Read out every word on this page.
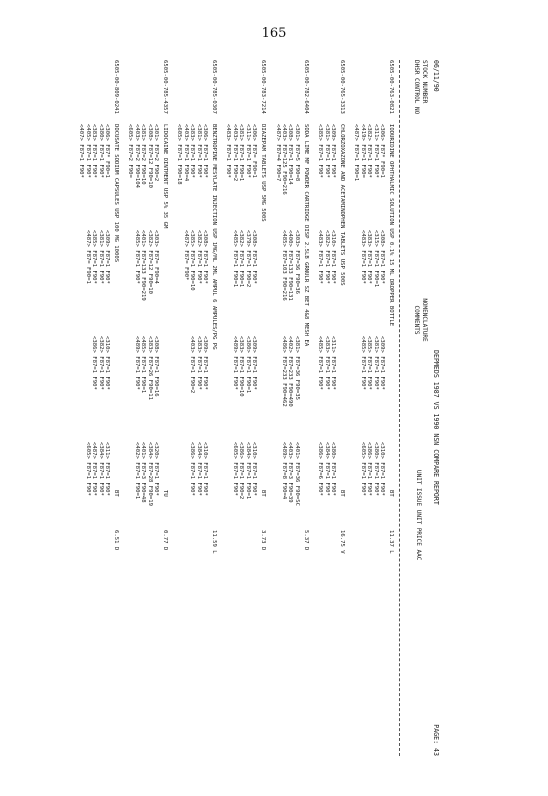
165
06/11/90
DEPMEDS 1987 VS 1990 NSN COMPARE REPORT
PAGE: 43
STOCK NUMBER
DHSR CONTROL NO
NOMENCLATURE
COMMENTS
UNIT ISSUE UNIT PRICE AAC
6505-00-763-0821
IODURIDINE OPHTHALMIC SOLUTION USP 0.1% 15 ML DROPPER BOTTLE
BT
11.37 L
<306> F87* F90=1
<311> F87=1 F90*
<382> F87=1 F90*
<419> F87=1 F90=
<487> F87=1 F90=1
<308> F87=1 F90*
<315> F87=1 F90=1
<383> F87=1 F90*
<483> F87=1 F90*
<309> F87=1 F90*
<381> F87=1 F90*
<385> F87=1 F90*
<485> F87=1 F90*
<310> F87=1 F90*
<380> F87=1 F90*
<386> F87=1 F90*
<605> F87=1 F90*
6505-00-765-3313
CHLORZOXAZONE AND ACETAMINOPHEN TABLETS USP 500S
BT
16.75 V
<309> F87=1 F90*
<381> F87=1 F90*
<385> F87=1 F90*
<310> F87=1 F90*
<382> F87=1 F90*
<483> F87=1 F90*
<311> F87=1 F90*
<383> F87=1 F90*
<485> F87=1 F90*
<380> F87=1 F90*
<384> F87=1 F90*
<386> F87=6 F90*
6505-00-782-6404
SODA LIME MF POWDER CARTRIDGE DISP 2.5LB GRNULR SZ BET 4&8 MESH EA
5.37 D
<301> F87=5 F90=8
<308> F87=1 F90=14
<403> F87=125 F90=216
<487> F87=4 F90=7
<303> F87=36 F90=36
<400> F87=133 F90=131
<485> F87=103 F90=216
<381> F87=36 F90=35
<402> F87=233 F90=490
<486> F87=233 F90=462
<401> F87=36 F90=SC
<403> F87=3 F90=39
<489> F87=8 F90=4
6505-00-783-7214
DIAZEPAM TABLETS USP 5MG 500S
BT
3.73 D
<306> F87= F90=1
<311> F87=1 F90*
<381> F87=1 F90=1
<403> F87=1 F90=2
<483> F87=1 F90*
<308> F87=1 F90*
<379> F87=1 F90=2
<382> F87=1 F90=1
<485> F87=1 F90=1
<309> F87=1 F90*
<380> F87=1 F90=1
<383> F87=1 F90=10
<489> F87=1 F90*
<310> F87=1 F90*
<384> F87=1 F90=1
<386> F87=1 F90=2
<605> F87=1 F90*
6505-00-785-0307
BENZTROPINE MESYLATE INJECTION USP 1MG/ML 2ML AMPUL 6 AMPULES/PG PG
11.59 L
<306> F87=1 F90*
<381> F87=1 F90*
<383> F87=1 F90*
<403> F87=1 F90=4
<605> F87=1 F90=18
<308> F87=1 F90*
<382> F87=1 F90*
<385> F87=1 F90=10
<487> F87= F90*
<309> F87=1 F90*
<383> F87=1 F90*
<403> F87=1 F90=2
<310> F87=1 F90*
<384> F87=1 F90*
<386> F87=1 F90*
6505-00-785-4357
LIDOCAINE OINTMENT USP 5% 35 GM
TU
0.77 D
<301> F87=2 F90=2
<308> F87=12 F90=10
<381> F87=2 F90=10
<403> F87=2 F90=104
<605> F87=2 F90=
<303> F87= F90=4
<382> F87=12 F90=10
<401> F87=133 F90=219
<485> F87=1 F90*
<308> F87=1 F90=16
<383> F87=26 F90=11
<485> F87=1 F90=1
<489> F87=1 F90*
<320> F87=1 F90*
<384> F87=28 F90=19
<401> F87=3 F90=48
<402> F87=1 F90=1
6505-00-809-0241
DOCUSATE SODIUM CAPSULES USP 100 MG 1000S
BT
6.51 D
<306> F87* F90=1
<380> F87=1 F90*
<383> F87=1 F90*
<405> F87=1 F90*
<407> F87=1 F90*
<309> F87=1 F90*
<381> F87=1 F90*
<385> F87=1 F90*
<487> F87= F90=1
<310> F87=1 F90*
<382> F87=1 F90*
<386> F87=1 F90*
<311> F87=1 F90*
<384> F87=1 F90*
<487> F87=1 F90*
<605> F87=1 F90*
